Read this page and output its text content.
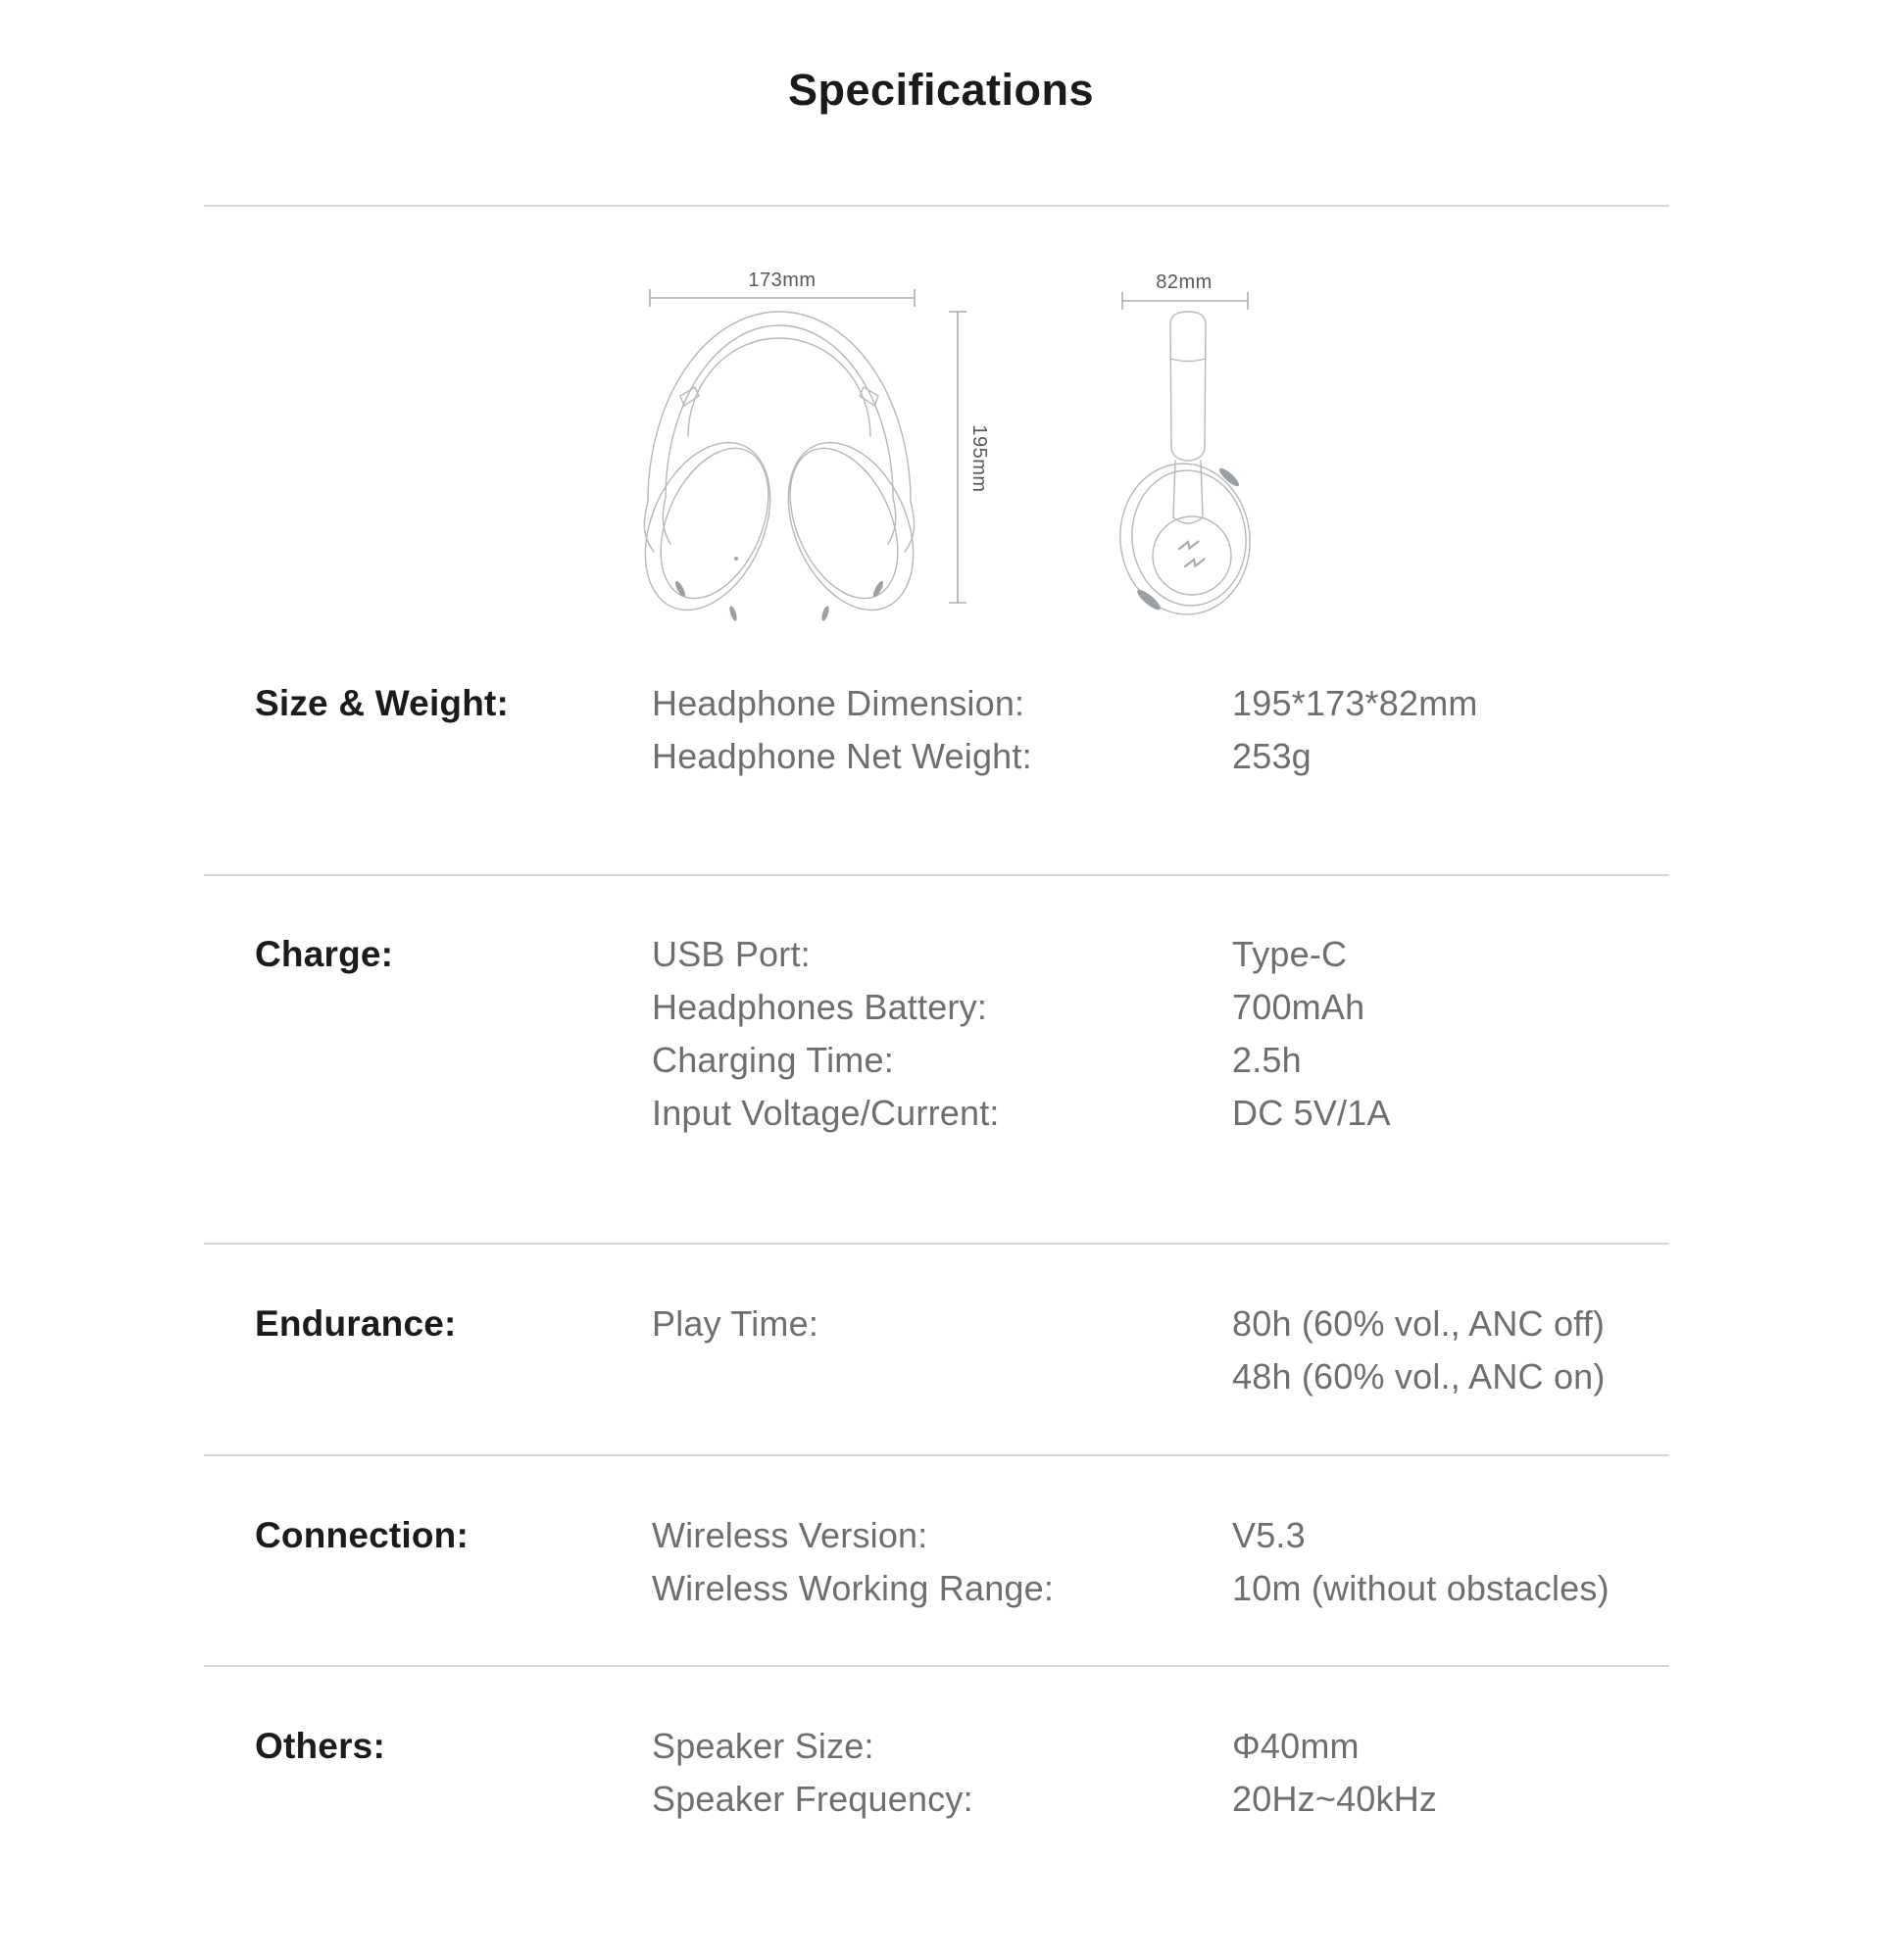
Specifications
173mm	82mm
195mm
Size & Weight:	Headphone Dimension:	195*173*82mm
Headphone Net Weight:	253g
Charge:	USB Port:	Type-C
Headphones Battery:	700mAh
Charging Time:	2.5h
Input Voltage/Current:	DC 5V/1A
Endurance:	Play Time:	80h (60% vol., ANC off)
48h (60% vol., ANC on)
Connection:	Wireless Version:	V5.3
Wireless Working Range:	10m (without obstacles)
Others:	Speaker Size:	Φ40mm
Speaker Frequency:	20Hz~40kHz
